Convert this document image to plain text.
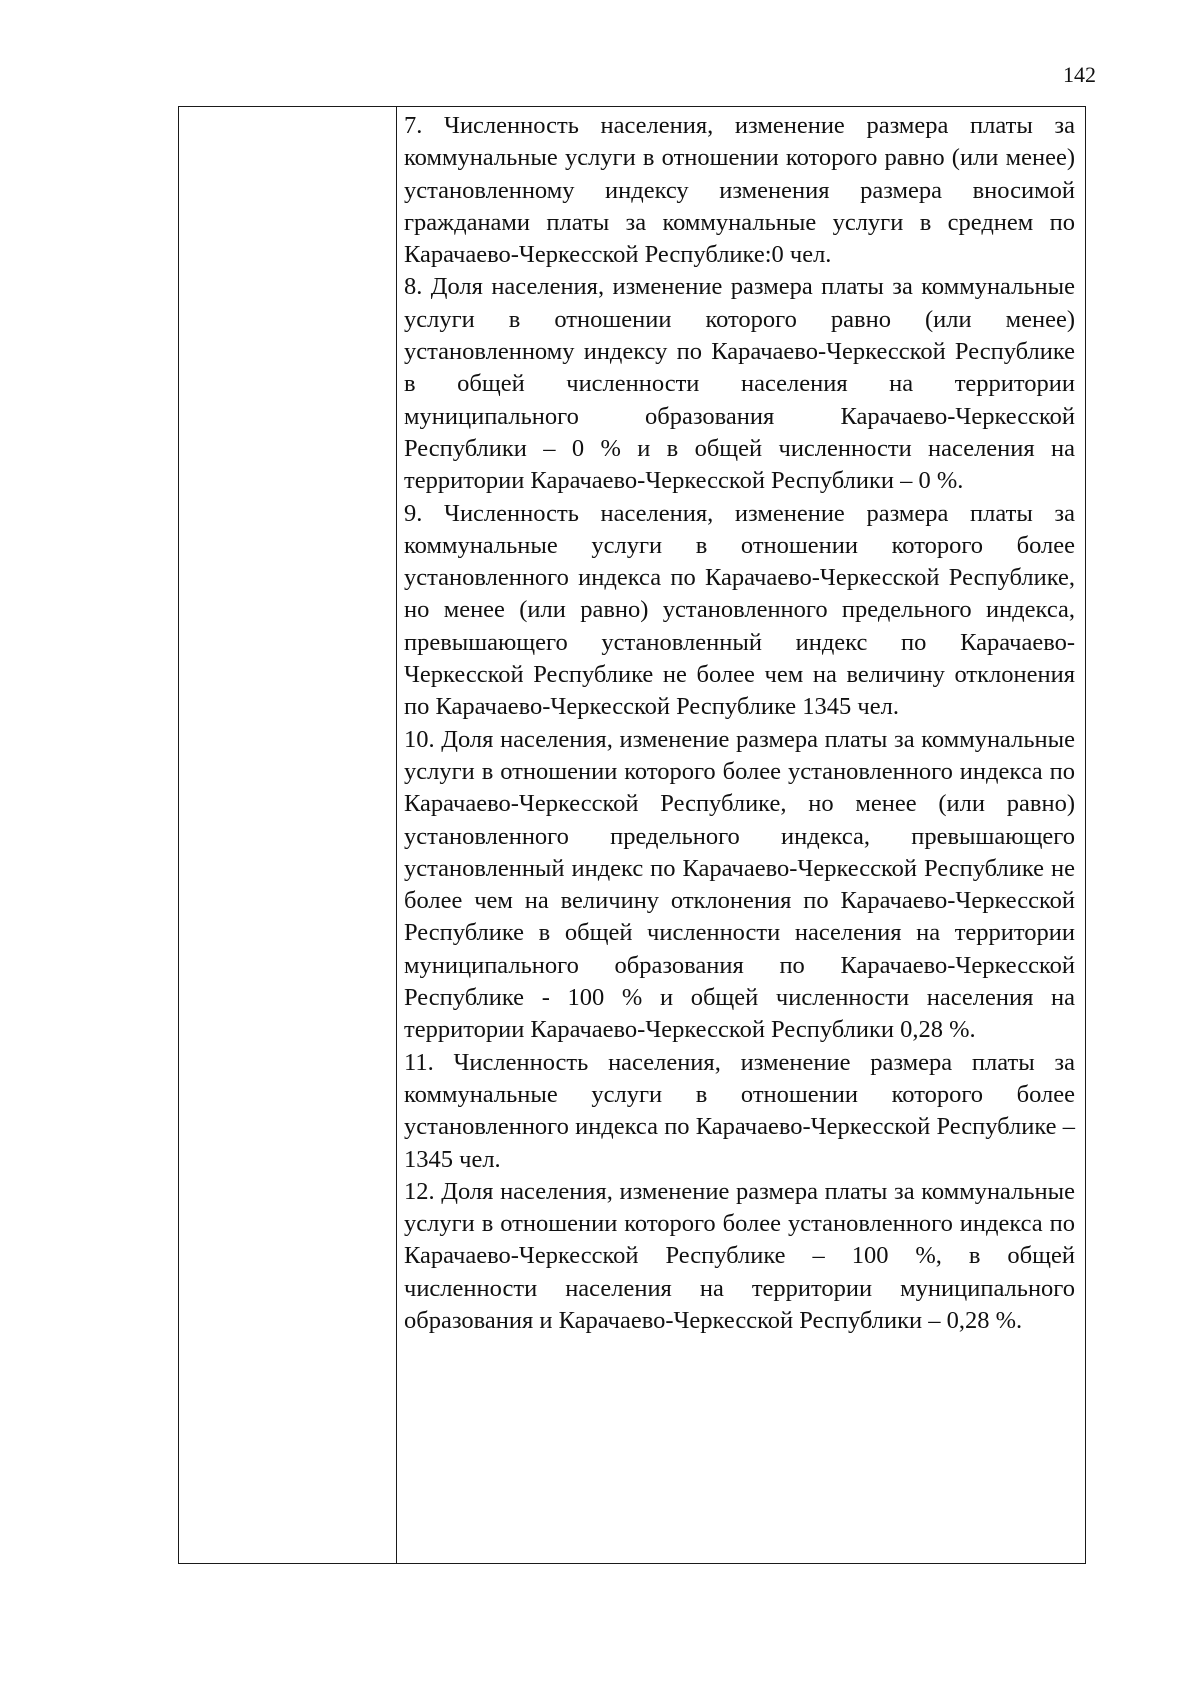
142

7. Численность населения, изменение размера платы за коммунальные услуги в отношении которого равно (или менее) установленному индексу изменения размера вносимой гражданами платы за коммунальные услуги в среднем по Карачаево-Черкесской Республике:0 чел.

8. Доля населения, изменение размера платы за коммунальные услуги в отношении которого равно (или менее) установленному индексу по Карачаево-Черкесской Республике в общей численности населения на территории муниципального образования Карачаево-Черкесской Республики – 0 % и в общей численности населения на территории Карачаево-Черкесской Республики – 0 %.

9. Численность населения, изменение размера платы за коммунальные услуги в отношении которого более установленного индекса по Карачаево-Черкесской Республике, но менее (или равно) установленного предельного индекса, превышающего установленный индекс по Карачаево-Черкесской Республике не более чем на величину отклонения по Карачаево-Черкесской Республике 1345 чел.

10. Доля населения, изменение размера платы за коммунальные услуги в отношении которого более установленного индекса по Карачаево-Черкесской Республике, но менее (или равно) установленного предельного индекса, превышающего установленный индекс по Карачаево-Черкесской Республике не более чем на величину отклонения по Карачаево-Черкесской Республике в общей численности населения на территории муниципального образования по Карачаево-Черкесской Республике - 100 % и общей численности населения на территории Карачаево-Черкесской Республики 0,28 %.

11. Численность населения, изменение размера платы за коммунальные услуги в отношении которого более установленного индекса по Карачаево-Черкесской Республике – 1345 чел.

12. Доля населения, изменение размера платы за коммунальные услуги в отношении которого более установленного индекса по Карачаево-Черкесской Республике – 100 %, в общей численности населения на территории муниципального образования и Карачаево-Черкесской Республики – 0,28 %.
